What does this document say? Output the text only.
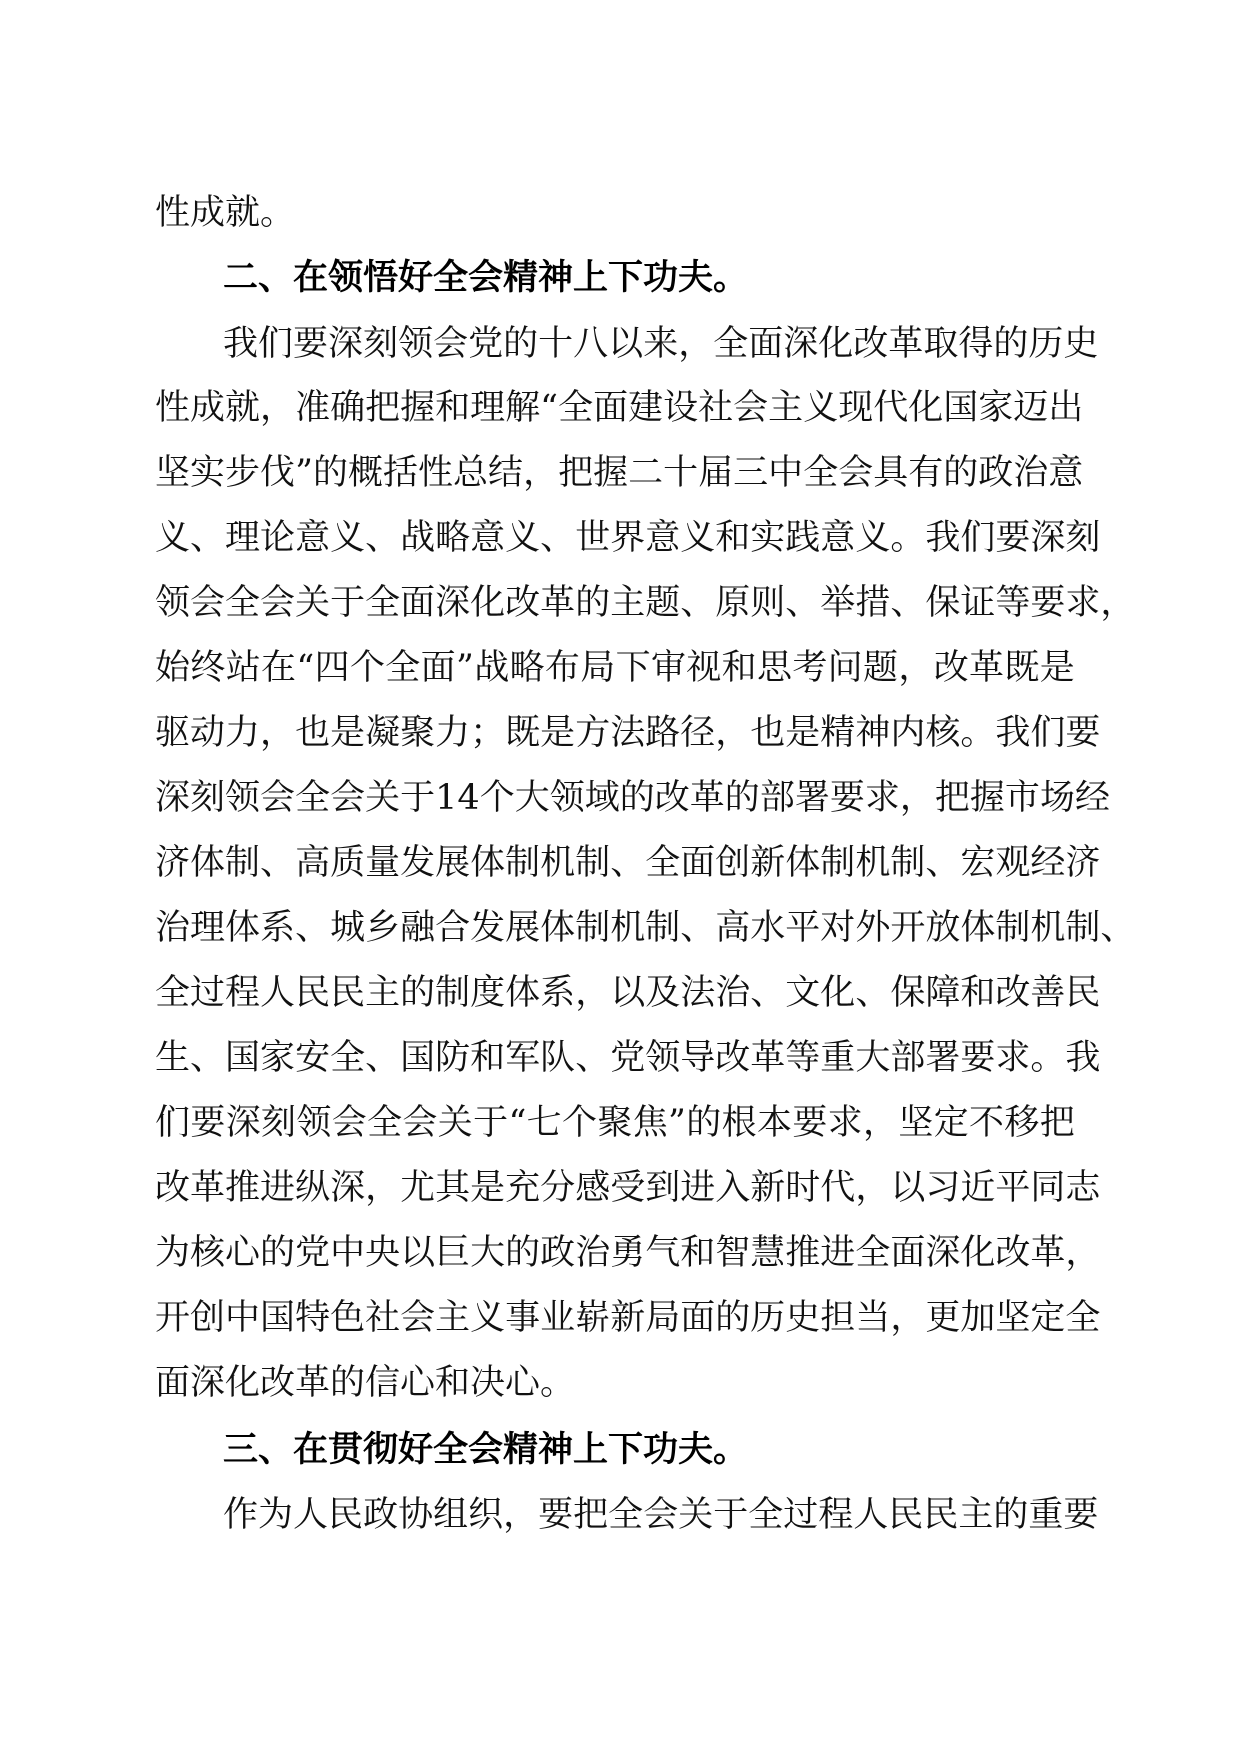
性成就。
二、在领悟好全会精神上下功夫。
我 们 要 深 刻 领 会 党 的 十 八 以 来 ， 全 面 深 化 改 革 取 得 的 历 史
性 成 就 ， 准 确 把 握 和 理 解 “ 全 面 建 设 社 会 主 义 现 代 化 国 家 迈 出
坚 实 步 伐 ” 的 概 括 性 总 结 ， 把 握 二 十 届 三 中 全 会 具 有 的 政 治 意
义 、 理 论 意 义 、 战 略 意 义 、 世 界 意 义 和 实 践 意 义 。 我 们 要 深 刻
领 会 全 会 关 于 全 面 深 化 改 革 的 主 题 、 原 则 、 举 措 、 保 证 等 要 求 ，
始 终 站 在 “ 四 个 全 面 ” 战 略 布 局 下 审 视 和 思 考 问 题 ， 改 革 既 是
驱 动 力 ， 也 是 凝 聚 力 ； 既 是 方 法 路 径 ， 也 是 精 神 内 核 。 我 们 要
深 刻 领 会 全 会 关 于 1 4 个 大 领 域 的 改 革 的 部 署 要 求 ， 把 握 市 场 经
济 体 制 、 高 质 量 发 展 体 制 机 制 、 全 面 创 新 体 制 机 制 、 宏 观 经 济
治 理 体 系 、 城 乡 融 合 发 展 体 制 机 制 、 高 水 平 对 外 开 放 体 制 机 制 、
全 过 程 人 民 民 主 的 制 度 体 系 ， 以 及 法 治 、 文 化 、 保 障 和 改 善 民
生 、 国 家 安 全 、 国 防 和 军 队 、 党 领 导 改 革 等 重 大 部 署 要 求 。 我
们 要 深 刻 领 会 全 会 关 于 “ 七 个 聚 焦 ” 的 根 本 要 求 ， 坚 定 不 移 把
改 革 推 进 纵 深 ， 尤 其 是 充 分 感 受 到 进 入 新 时 代 ， 以 习 近 平 同 志
为 核 心 的 党 中 央 以 巨 大 的 政 治 勇 气 和 智 慧 推 进 全 面 深 化 改 革 ，
开 创 中 国 特 色 社 会 主 义 事 业 崭 新 局 面 的 历 史 担 当 ， 更 加 坚 定 全
面深化改革的信心和决心。
三、在贯彻好全会精神上下功夫。
作 为 人 民 政 协 组 织 ， 要 把 全 会 关 于 全 过 程 人 民 民 主 的 重 要
